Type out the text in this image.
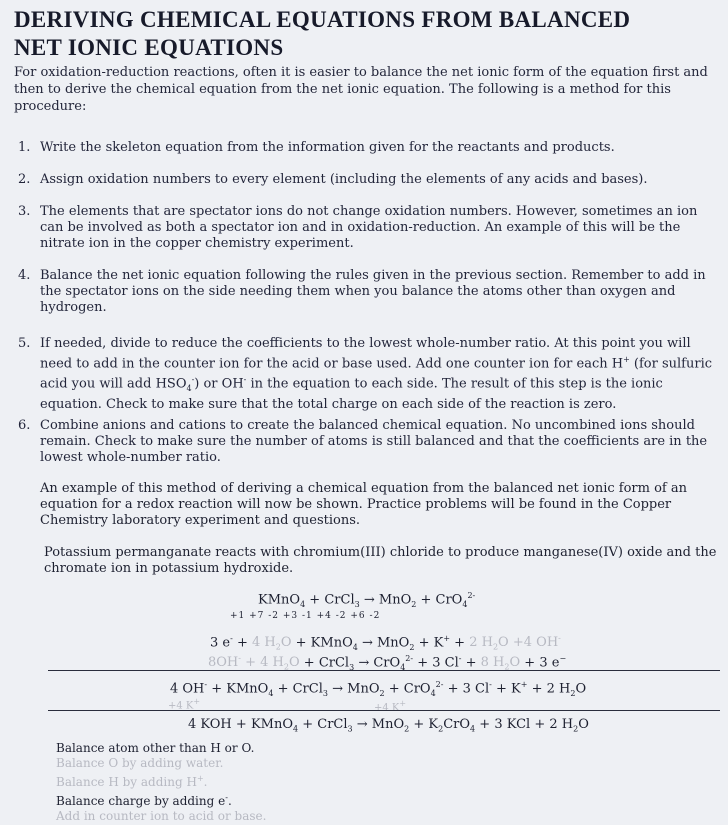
DERIVING CHEMICAL EQUATIONS FROM BALANCED
NET IONIC EQUATIONS
For oxidation-reduction reactions, often it is easier to balance the net ionic form of the equation first and then to derive the chemical equation from the net ionic equation. The following is a method for this procedure:
1. Write the skeleton equation from the information given for the reactants and products.
2. Assign oxidation numbers to every element (including the elements of any acids and bases).
3. The elements that are spectator ions do not change oxidation numbers. However, sometimes an ion can be involved as both a spectator ion and in oxidation-reduction. An example of this will be the nitrate ion in the copper chemistry experiment.
4. Balance the net ionic equation following the rules given in the previous section. Remember to add in the spectator ions on the side needing them when you balance the atoms other than oxygen and hydrogen.
5. If needed, divide to reduce the coefficients to the lowest whole-number ratio. At this point you will need to add in the counter ion for the acid or base used. Add one counter ion for each H+ (for sulfuric acid you will add $HSO_4^-$) or OH- in the equation to each side. The result of this step is the ionic equation. Check to make sure that the total charge on each side of the reaction is zero.
6. Combine anions and cations to create the balanced chemical equation. No uncombined ions should remain. Check to make sure the number of atoms is still balanced and that the coefficients are in the lowest whole-number ratio.
An example of this method of deriving a chemical equation from the balanced net ionic form of an equation for a redox reaction will now be shown. Practice problems will be found in the Copper Chemistry laboratory experiment and questions.
Potassium permanganate reacts with chromium(III) chloride to produce manganese(IV) oxide and the chromate ion in potassium hydroxide.
KMnO$_4$ + CrCl$_3$ → MnO$_2$ + CrO$_4^{2-}$
+1 +7 -2 +3 -1 +4 -2 +6 -2
3 e- + 4 $H_2O$ + KMnO$_4$ → MnO$_2$ + K+ + 2 $H_2O +4$ OH-
8OH- + 4 $H_2O$ + CrCl$_3$ → CrO$_4^{2-}$ + 3 Cl- + 8 $H_2O + 3$ e−
4 OH- + KMnO$_4$ + CrCl$_3$ → MnO$_2$ + CrO$_4^{2-}$ + 3 Cl- + K+ + 2 $H_2O$
+4 K+
+4 K+
4 KOH + KMnO$_4$ + CrCl$_3$ → $MnO_2 + K_2CrO_4 + 3$ KCl + 2 $H_2O$
Balance atom other than H or O.
Balance O by adding water.
Balance H by adding H+.
Balance charge by adding e-.
Add in counter ion to acid or base.
